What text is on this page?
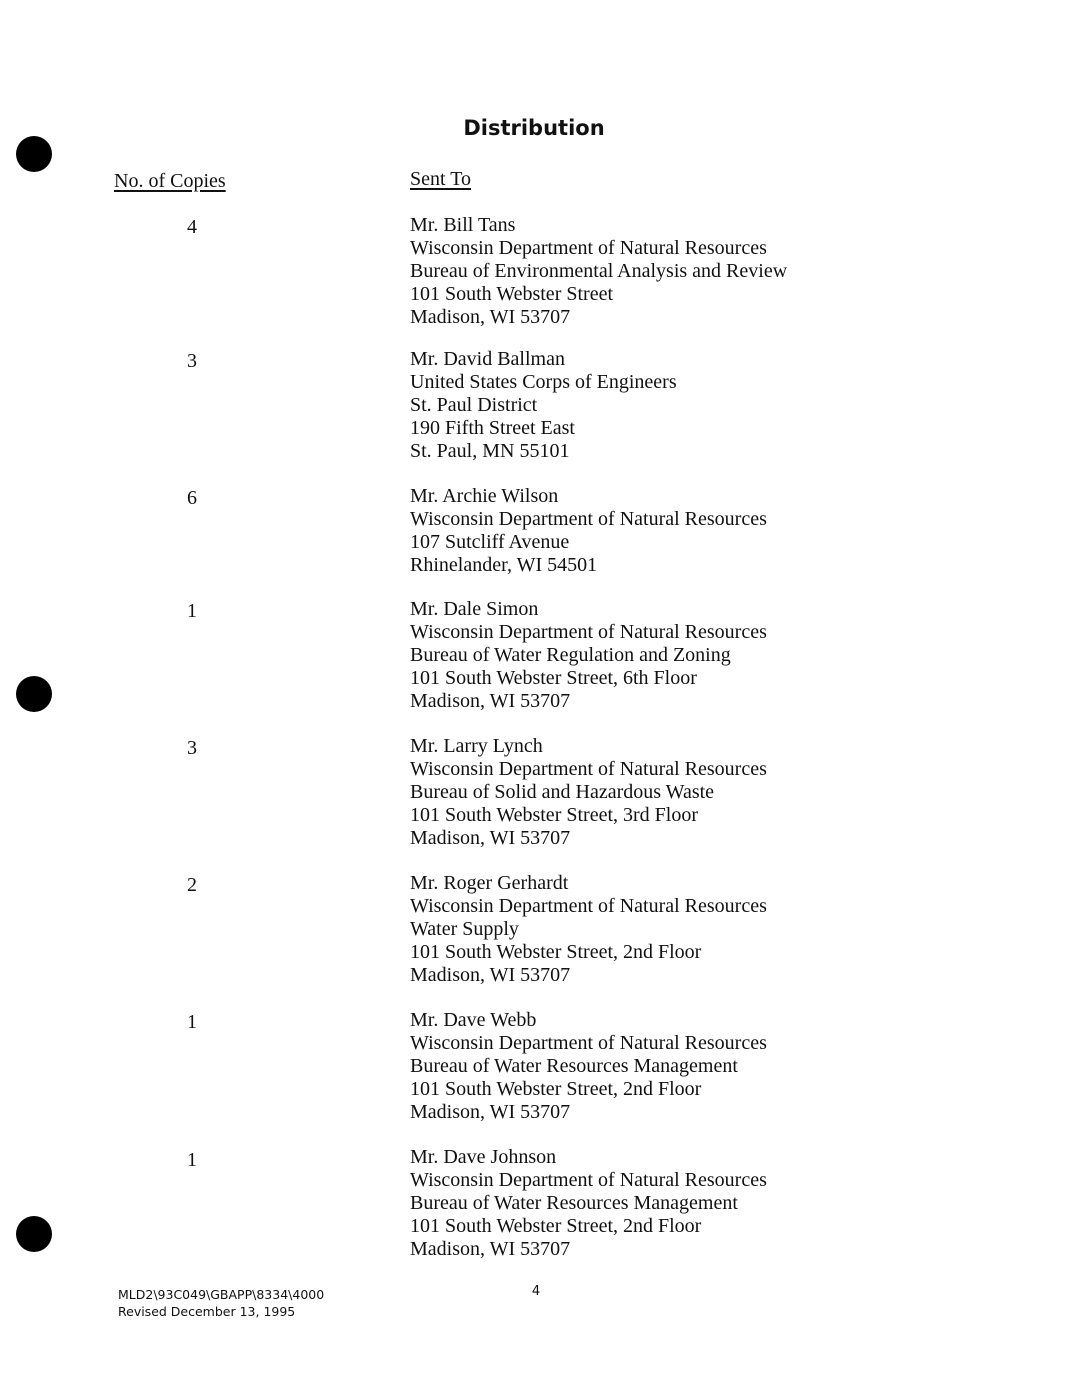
Distribution
No. of Copies	Sent To
4	Mr. Bill Tans
Wisconsin Department of Natural Resources
Bureau of Environmental Analysis and Review
101 South Webster Street
Madison, WI 53707
3	Mr. David Ballman
United States Corps of Engineers
St. Paul District
190 Fifth Street East
St. Paul, MN 55101
6	Mr. Archie Wilson
Wisconsin Department of Natural Resources
107 Sutcliff Avenue
Rhinelander, WI 54501
1	Mr. Dale Simon
Wisconsin Department of Natural Resources
Bureau of Water Regulation and Zoning
101 South Webster Street, 6th Floor
Madison, WI 53707
3	Mr. Larry Lynch
Wisconsin Department of Natural Resources
Bureau of Solid and Hazardous Waste
101 South Webster Street, 3rd Floor
Madison, WI 53707
2	Mr. Roger Gerhardt
Wisconsin Department of Natural Resources
Water Supply
101 South Webster Street, 2nd Floor
Madison, WI 53707
1	Mr. Dave Webb
Wisconsin Department of Natural Resources
Bureau of Water Resources Management
101 South Webster Street, 2nd Floor
Madison, WI 53707
1	Mr. Dave Johnson
Wisconsin Department of Natural Resources
Bureau of Water Resources Management
101 South Webster Street, 2nd Floor
Madison, WI 53707
MLD2\93C049\GBAPP\8334\4000
Revised December 13, 1995
4
